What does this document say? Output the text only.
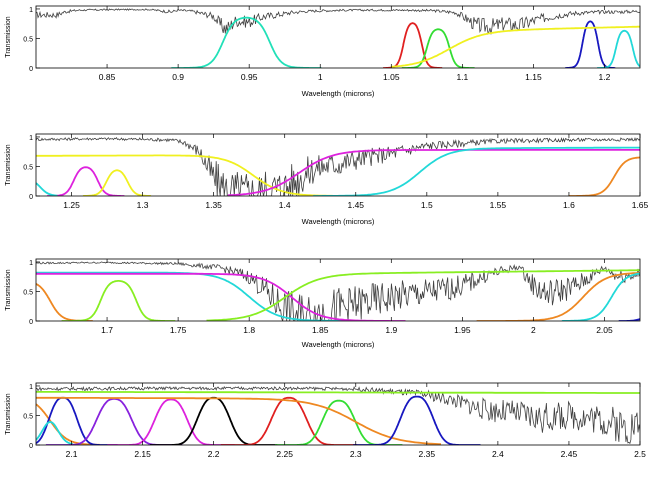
0.85	0.9	0.95	1	1.05	1.1	1.15	1.2
0
0.5
1
Transmission
Wavelength (microns)
1.25	1.3	1.35	1.4	1.45	1.5	1.55	1.6	1.65
0
0.5
1
Transmission
Wavelength (microns)
1.7	1.75	1.8	1.85	1.9	1.95	2	2.05
0
0.5
1
Transmission
Wavelength (microns)
2.1	2.15	2.2	2.25	2.3	2.35	2.4	2.45	2.5
0
0.5
1
Transmission
